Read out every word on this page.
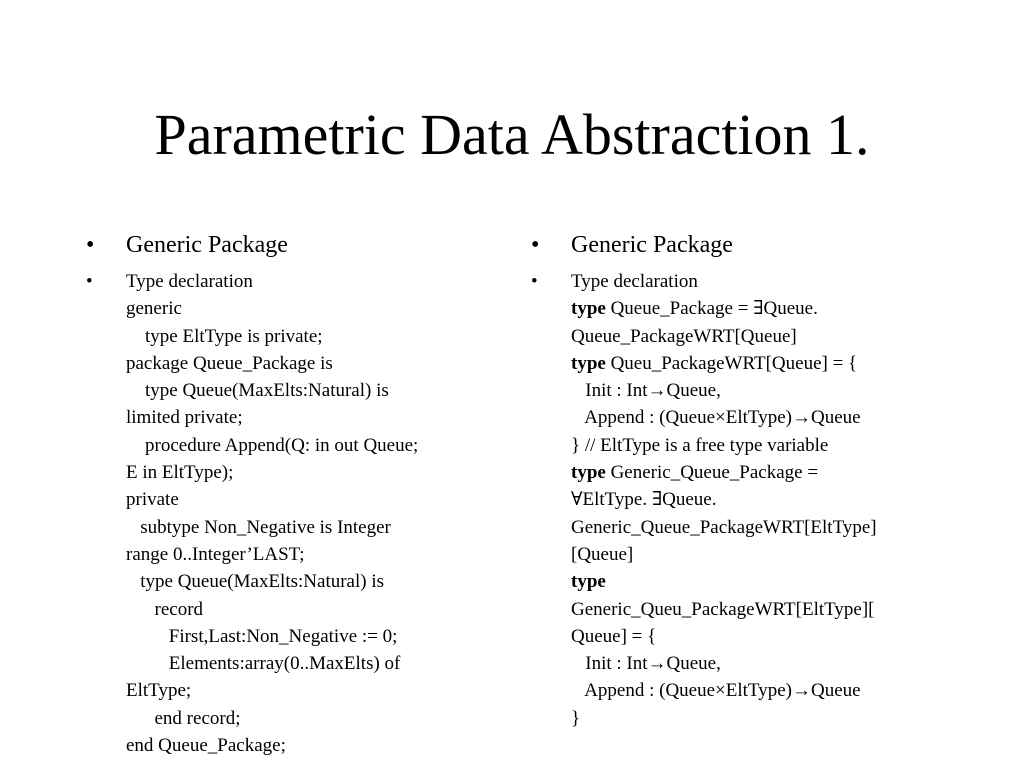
Parametric Data Abstraction 1.
• Generic Package
• Type declaration
generic
type EltType is private;
package Queue_Package is
type Queue(MaxElts:Natural) is
limited private;
procedure Append(Q: in out Queue;
E in EltType);
private
subtype Non_Negative is Integer
range 0..Integer’LAST;
type Queue(MaxElts:Natural) is
record
First,Last:Non_Negative := 0;
Elements:array(0..MaxElts) of
EltType;
end record;
end Queue_Package;
• Generic Package
• Type declaration
type Queue_Package = ∃Queue.
Queue_PackageWRT[Queue]
type Queu_PackageWRT[Queue] = {
Init : Int→Queue,
Append : (Queue×EltType)→Queue
} // EltType is a free type variable
type Generic_Queue_Package =
∀EltType. ∃Queue.
Generic_Queue_PackageWRT[EltType]
[Queue]
type
Generic_Queu_PackageWRT[EltType][
Queue] = {
Init : Int→Queue,
Append : (Queue×EltType)→Queue
}
